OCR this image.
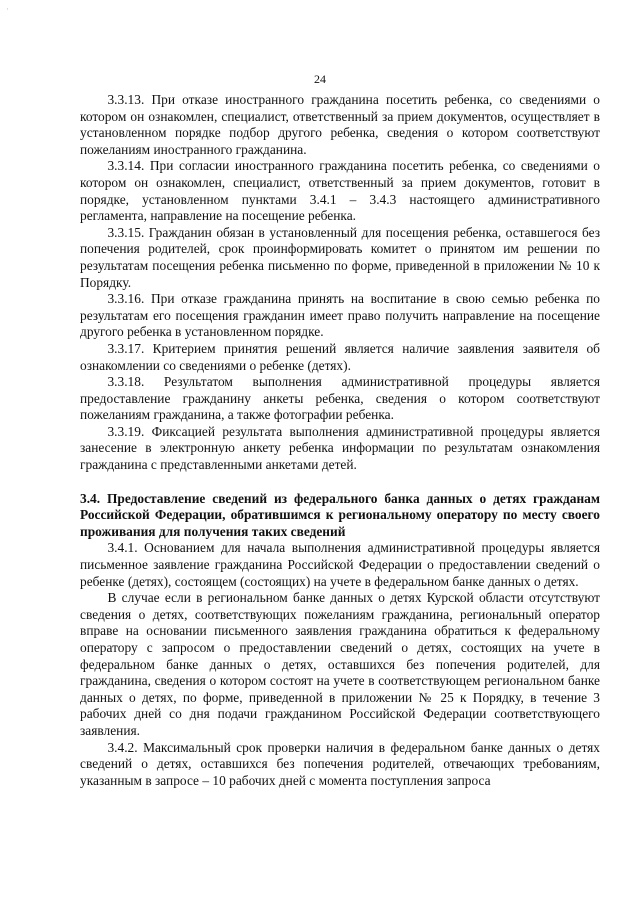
·
24

3.3.13. При отказе иностранного гражданина посетить ребенка, со сведениями о котором он ознакомлен, специалист, ответственный за прием документов, осуществляет в установленном порядке подбор другого ребенка, сведения о котором соответствуют пожеланиям иностранного гражданина.

3.3.14. При согласии иностранного гражданина посетить ребенка, со сведениями о котором он ознакомлен, специалист, ответственный за прием документов, готовит в порядке, установленном пунктами 3.4.1 – 3.4.3 настоящего административного регламента, направление на посещение ребенка.

3.3.15. Гражданин обязан в установленный для посещения ребенка, оставшегося без попечения родителей, срок проинформировать комитет о принятом им решении по результатам посещения ребенка письменно по форме, приведенной в приложении № 10 к Порядку.

3.3.16. При отказе гражданина принять на воспитание в свою семью ребенка по результатам его посещения гражданин имеет право получить направление на посещение другого ребенка в установленном порядке.

3.3.17. Критерием принятия решений является наличие заявления заявителя об ознакомлении со сведениями о ребенке (детях).

3.3.18. Результатом выполнения административной процедуры является предоставление гражданину анкеты ребенка, сведения о котором соответствуют пожеланиям гражданина, а также фотографии ребенка.

3.3.19. Фиксацией результата выполнения административной процедуры является занесение в электронную анкету ребенка информации по результатам ознакомления гражданина с представленными анкетами детей.

3.4. Предоставление сведений из федерального банка данных о детях гражданам Российской Федерации, обратившимся к региональному оператору по месту своего проживания для получения таких сведений

3.4.1. Основанием для начала выполнения административной процедуры является письменное заявление гражданина Российской Федерации о предоставлении сведений о ребенке (детях), состоящем (состоящих) на учете в федеральном банке данных о детях.

В случае если в региональном банке данных о детях Курской области отсутствуют сведения о детях, соответствующих пожеланиям гражданина, региональный оператор вправе на основании письменного заявления гражданина обратиться к федеральному оператору с запросом о предоставлении сведений о детях, состоящих на учете в федеральном банке данных о детях, оставшихся без попечения родителей, для гражданина, сведения о котором состоят на учете в соответствующем региональном банке данных о детях, по форме, приведенной в приложении № 25 к Порядку, в течение 3 рабочих дней со дня подачи гражданином Российской Федерации соответствующего заявления.

3.4.2. Максимальный срок проверки наличия в федеральном банке данных о детях сведений о детях, оставшихся без попечения родителей, отвечающих требованиям, указанным в запросе – 10 рабочих дней с момента поступления запроса
